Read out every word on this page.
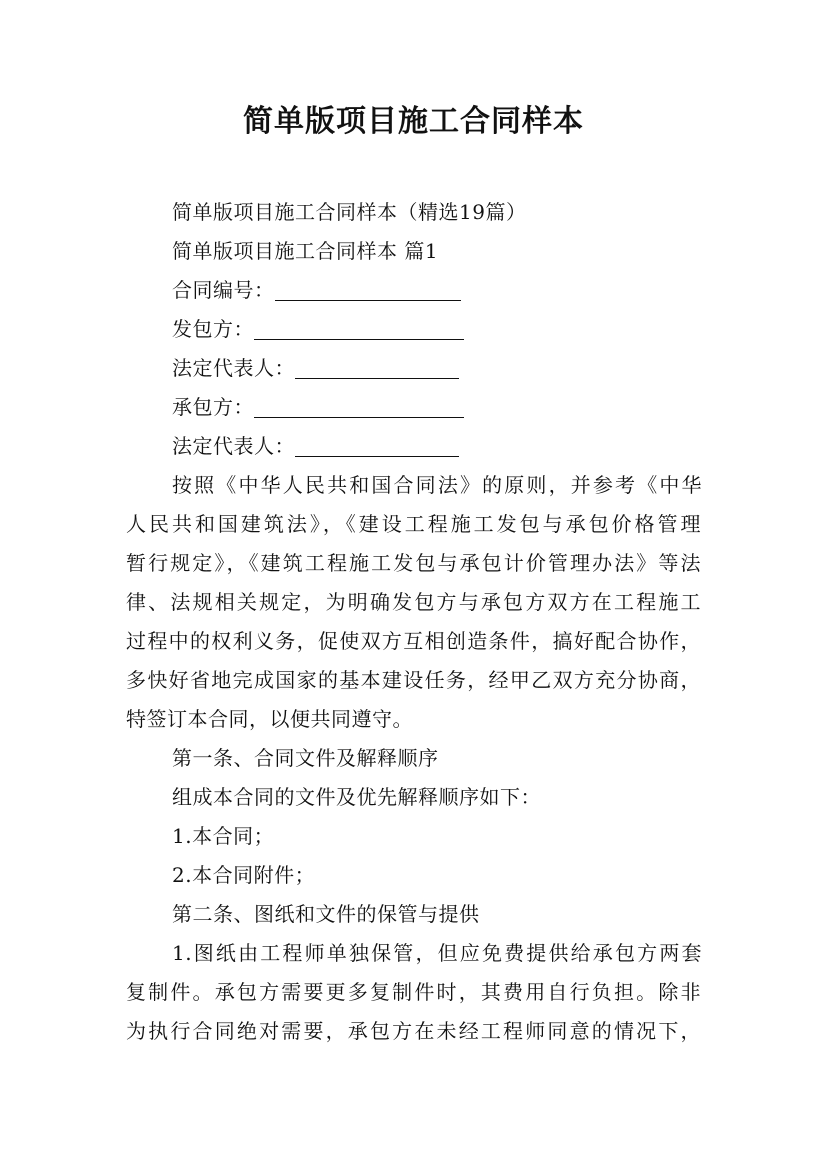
简单版项目施工合同样本
简单版项目施工合同样本（精选19篇）
简单版项目施工合同样本 篇1
合同编号：
发包方：
法定代表人：
承包方：
法定代表人：
按照《中华人民共和国合同法》的原则，并参考《中华
人民共和国建筑法》，《建设工程施工发包与承包价格管理
暂行规定》，《建筑工程施工发包与承包计价管理办法》等法
律、法规相关规定，为明确发包方与承包方双方在工程施工
过程中的权利义务，促使双方互相创造条件，搞好配合协作，
多快好省地完成国家的基本建设任务，经甲乙双方充分协商，
特签订本合同，以便共同遵守。
第一条、合同文件及解释顺序
组成本合同的文件及优先解释顺序如下：
1.本合同；
2.本合同附件；
第二条、图纸和文件的保管与提供
1.图纸由工程师单独保管，但应免费提供给承包方两套
复制件。承包方需要更多复制件时，其费用自行负担。除非
为执行合同绝对需要，承包方在未经工程师同意的情况下，
